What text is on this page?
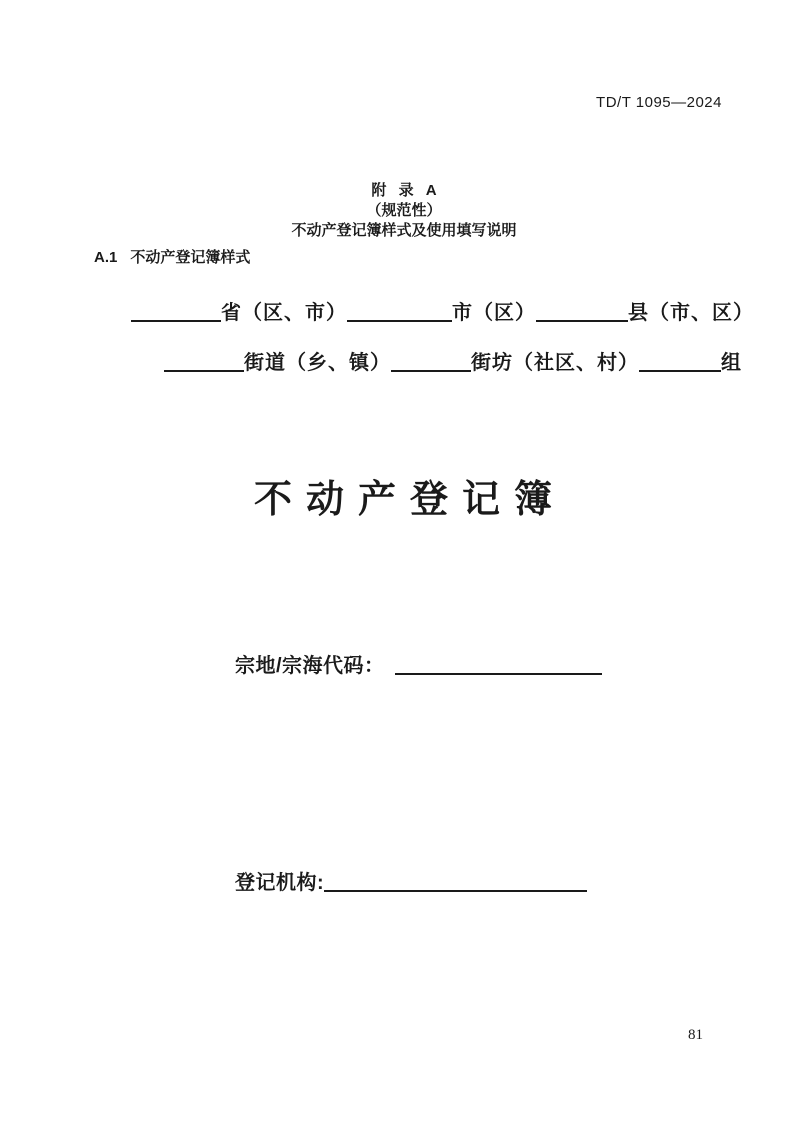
TD/T 1095—2024
附 录 A
（规范性）
不动产登记簿样式及使用填写说明
A.1 不动产登记簿样式
省（区、市）	市（区）	县（市、区）
街道（乡、镇）	街坊（社区、村）	组
不动产登记簿
宗地/宗海代码：
登记机构:
81
